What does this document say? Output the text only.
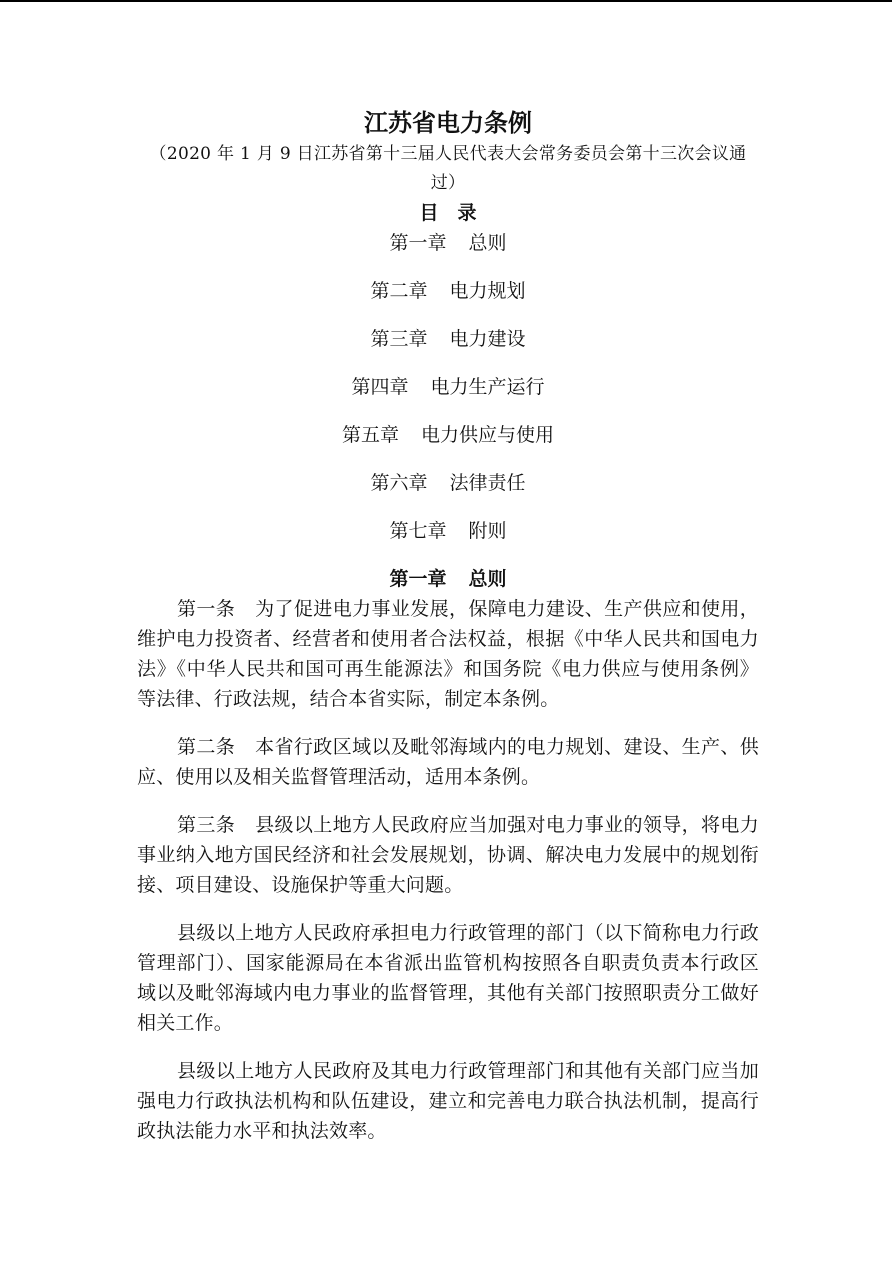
江苏省电力条例

（2020 年 1 月 9 日江苏省第十三届人民代表大会常务委员会第十三次会议通过）

目　录
第一章 总则
第二章 电力规划
第三章 电力建设
第四章 电力生产运行
第五章 电力供应与使用
第六章 法律责任
第七章 附则
第一章 总则

第一条 为了促进电力事业发展，保障电力建设、生产供应和使用，维护电力投资者、经营者和使用者合法权益，根据《中华人民共和国电力法》《中华人民共和国可再生能源法》和国务院《电力供应与使用条例》等法律、行政法规，结合本省实际，制定本条例。

第二条 本省行政区域以及毗邻海域内的电力规划、建设、生产、供应、使用以及相关监督管理活动，适用本条例。

第三条 县级以上地方人民政府应当加强对电力事业的领导，将电力事业纳入地方国民经济和社会发展规划，协调、解决电力发展中的规划衔接、项目建设、设施保护等重大问题。

县级以上地方人民政府承担电力行政管理的部门（以下简称电力行政管理部门）、国家能源局在本省派出监管机构按照各自职责负责本行政区域以及毗邻海域内电力事业的监督管理，其他有关部门按照职责分工做好相关工作。

县级以上地方人民政府及其电力行政管理部门和其他有关部门应当加强电力行政执法机构和队伍建设，建立和完善电力联合执法机制，提高行政执法能力水平和执法效率。
